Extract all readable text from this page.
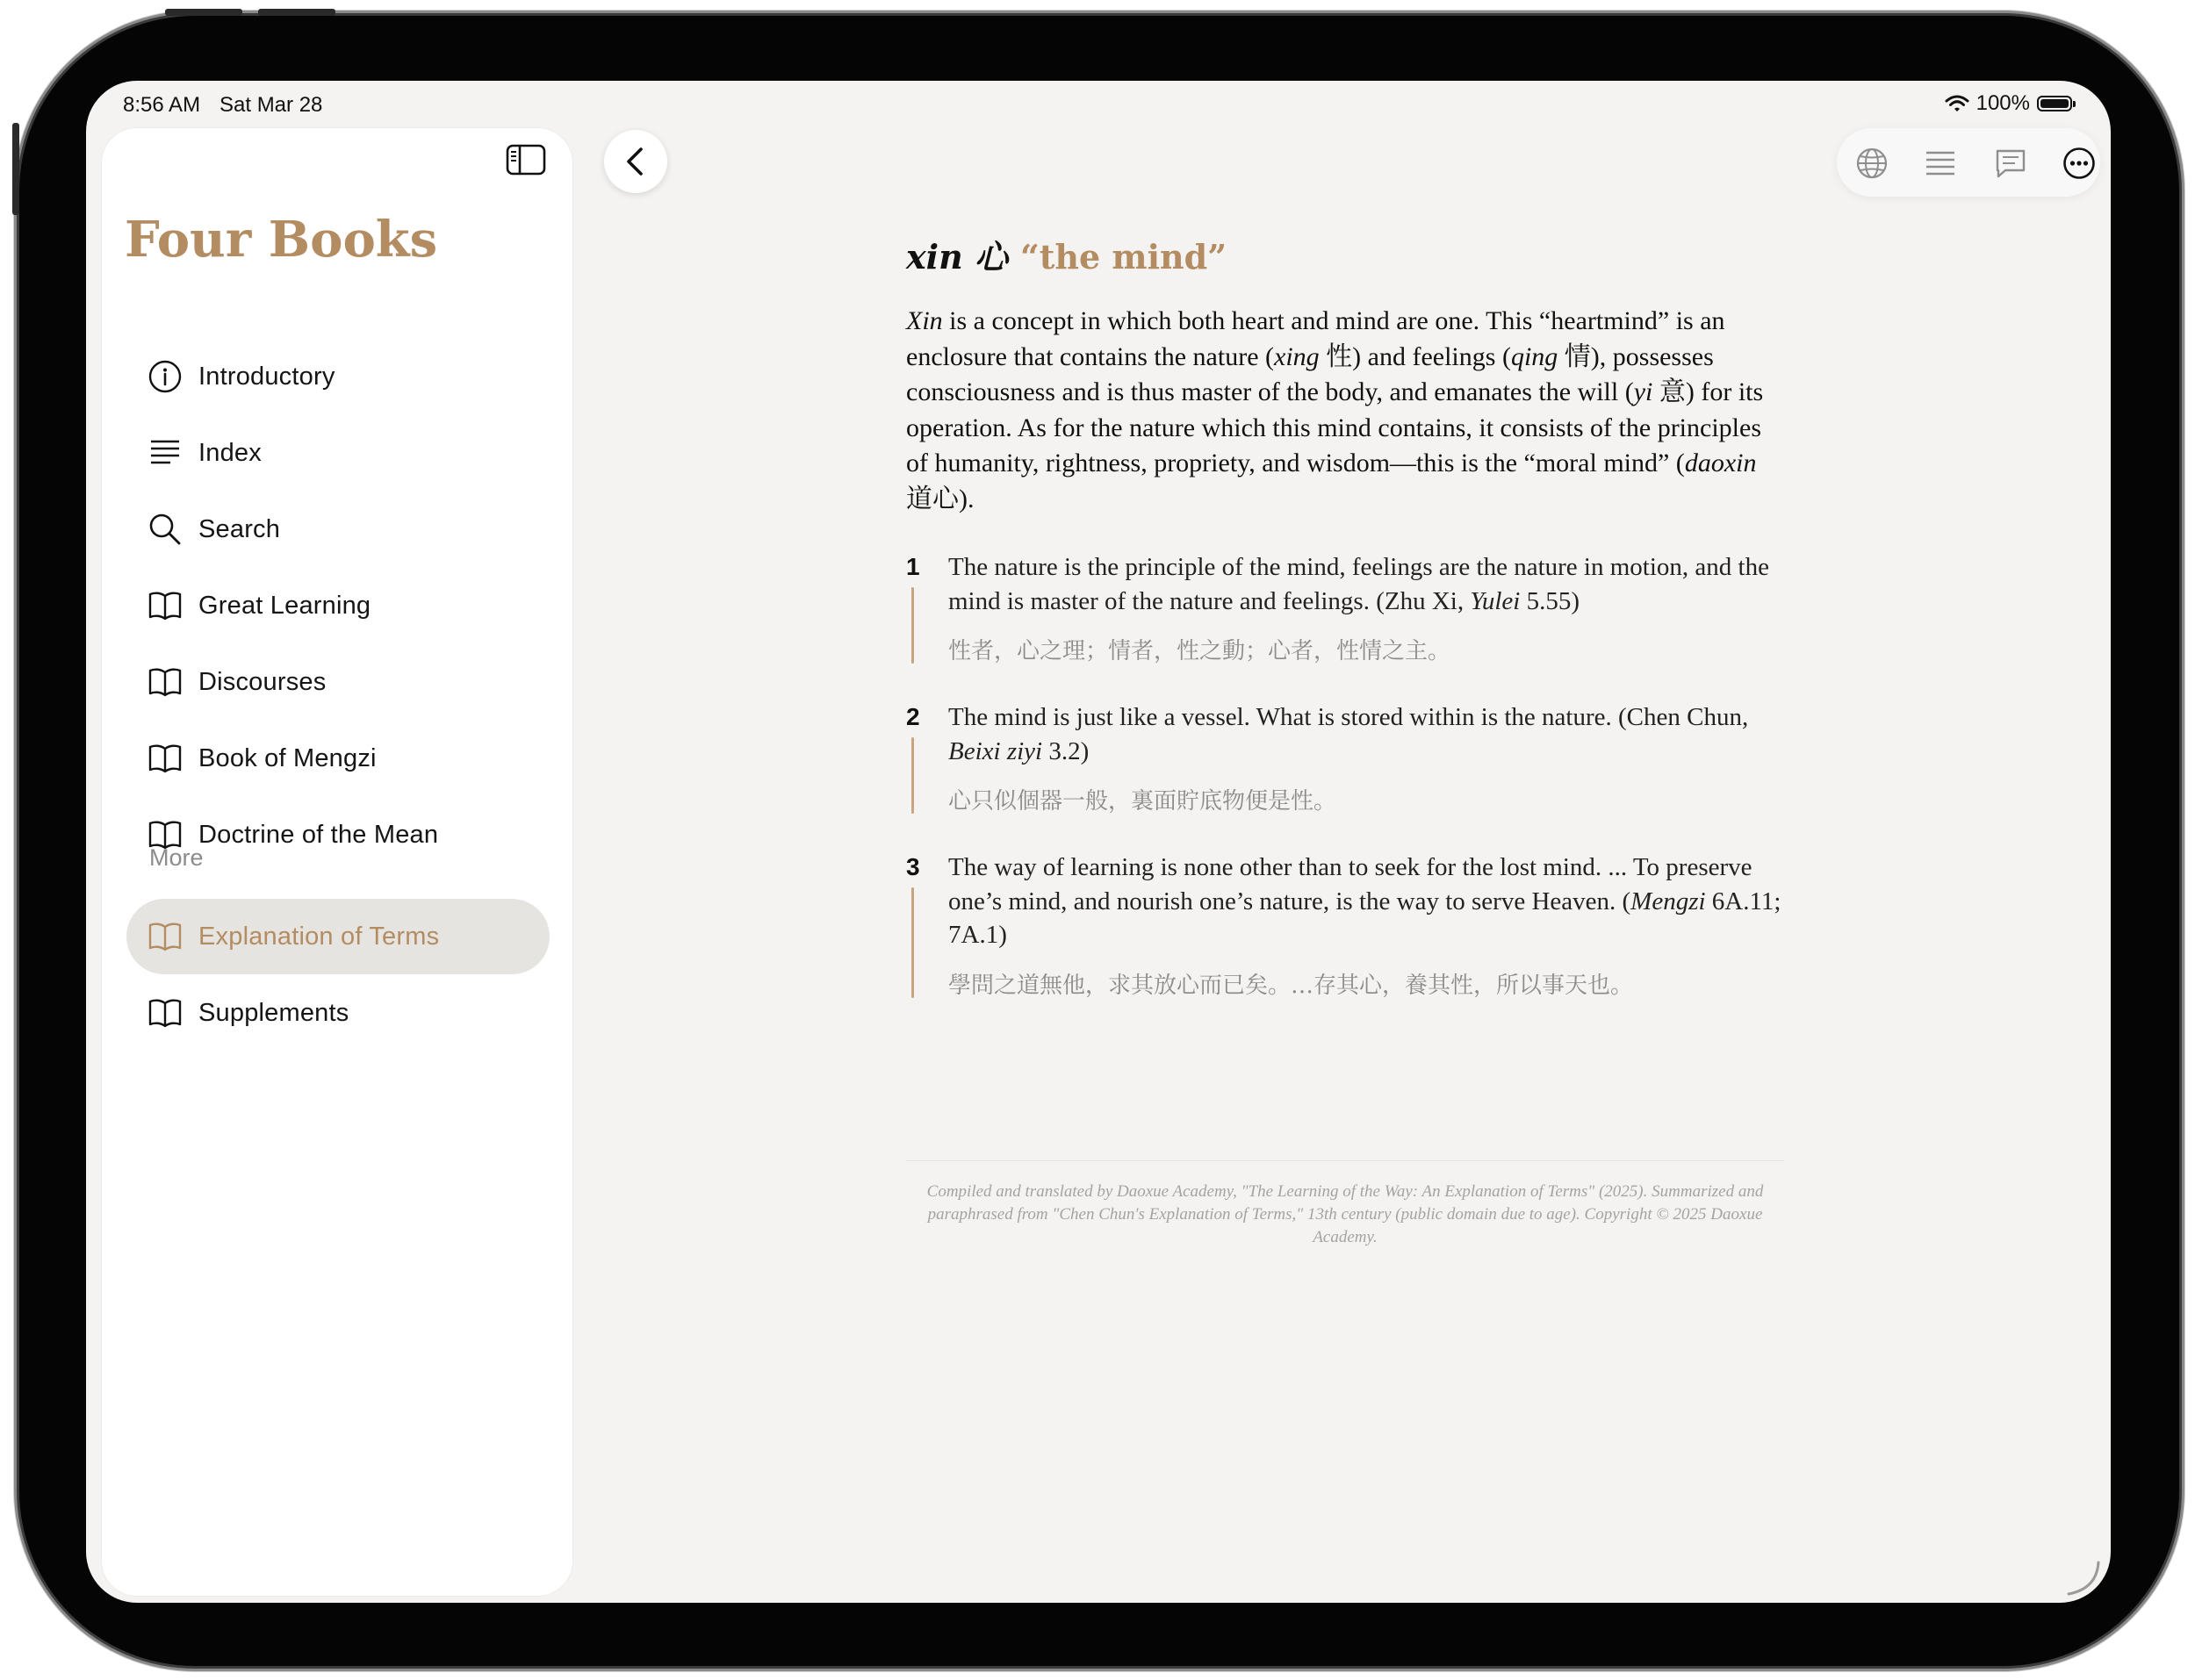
8:56 AM Sat Mar 28	100%
Four Books
Introductory
Index
Search
Great Learning
Discourses
Book of Mengzi
Doctrine of the Mean
More
Explanation of Terms
Supplements
xin 心 “the mind”

Xin is a concept in which both heart and mind are one. This “heartmind” is an enclosure that contains the nature (xing 性) and feelings (qing 情), possesses consciousness and is thus master of the body, and emanates the will (yi 意) for its operation. As for the nature which this mind contains, it consists of the principles of humanity, rightness, propriety, and wisdom—this is the “moral mind” (daoxin 道心).

1 The nature is the principle of the mind, feelings are the nature in motion, and the mind is master of the nature and feelings. (Zhu Xi, Yulei 5.55)
性者，心之理；情者，性之動；心者，性情之主。
2 The mind is just like a vessel. What is stored within is the nature. (Chen Chun, Beixi ziyi 3.2)
心只似個器一般，裏面貯底物便是性。
3 The way of learning is none other than to seek for the lost mind. ... To preserve one’s mind, and nourish one’s nature, is the way to serve Heaven. (Mengzi 6A.11; 7A.1)
學問之道無他，求其放心而已矣。…存其心，養其性，所以事天也。
Compiled and translated by Daoxue Academy, "The Learning of the Way: An Explanation of Terms" (2025). Summarized and paraphrased from "Chen Chun's Explanation of Terms," 13th century (public domain due to age). Copyright © 2025 Daoxue Academy.
